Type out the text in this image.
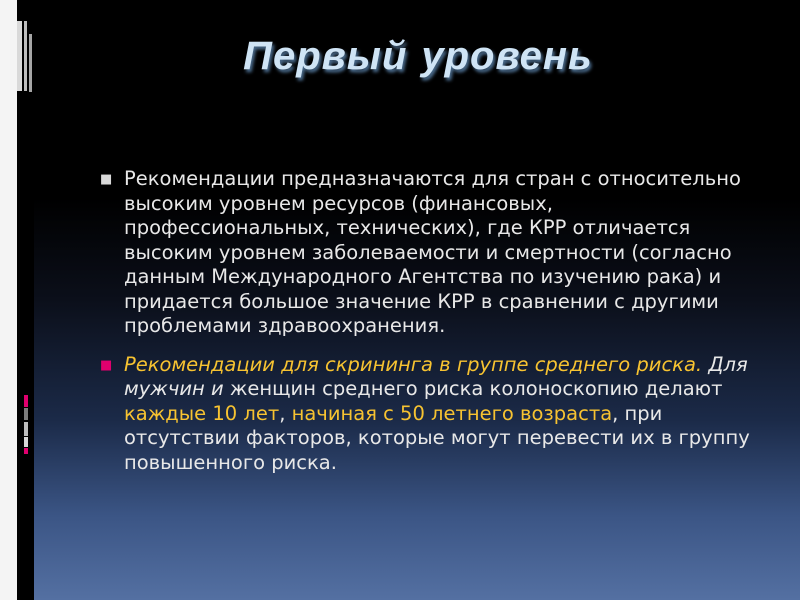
Первый уровень
■ Рекомендации предназначаются для стран с относительно высоким уровнем ресурсов (финансовых, профессиональных, технических), где КРР отличается высоким уровнем заболеваемости и смертности (согласно данным Международного Агентства по изучению рака) и придается большое значение КРР в сравнении с другими проблемами здравоохранения.
■ Рекомендации для скрининга в группе среднего риска. Для мужчин и женщин среднего риска колоноскопию делают каждые 10 лет, начиная с 50 летнего возраста, при отсутствии факторов, которые могут перевести их в группу повышенного риска.
